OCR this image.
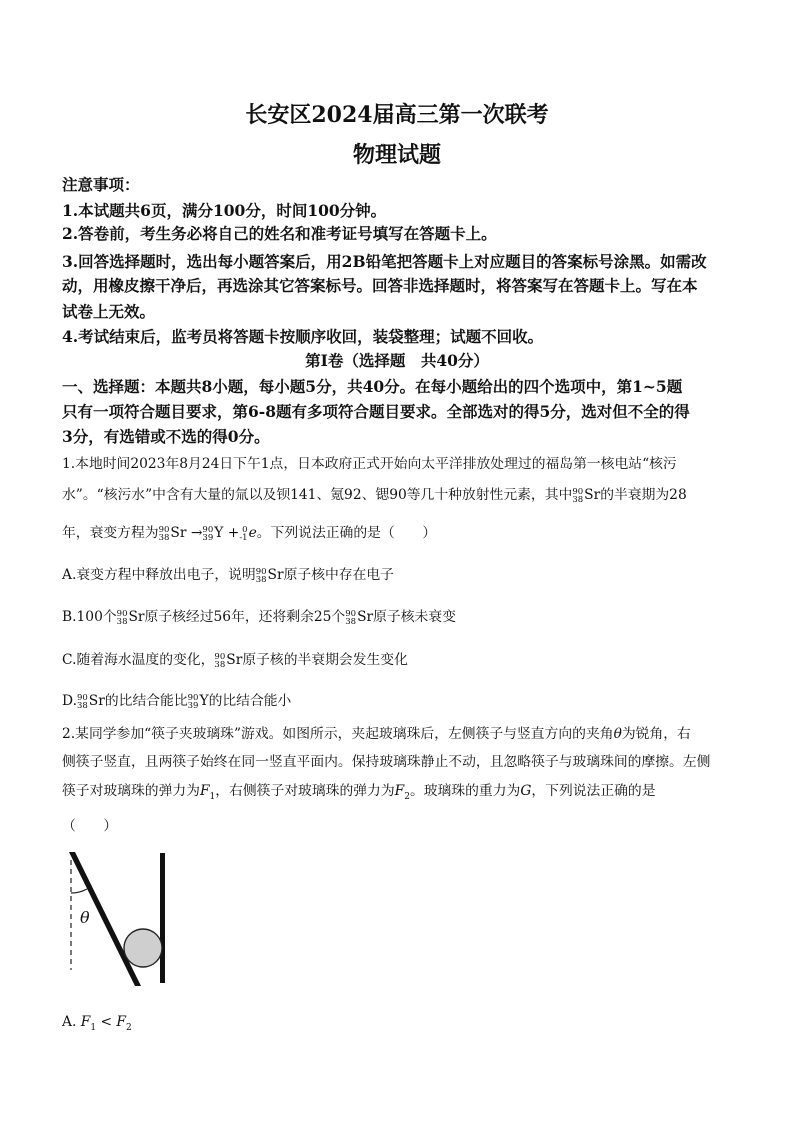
长安区2024届高三第一次联考
物理试题
注意事项：
1.本试题共6页，满分100分，时间100分钟。
2.答卷前，考生务必将自己的姓名和准考证号填写在答题卡上。
3.回答选择题时，选出每小题答案后，用2B铅笔把答题卡上对应题目的答案标号涂黑。如需改
动，用橡皮擦干净后，再选涂其它答案标号。回答非选择题时，将答案写在答题卡上。写在本
试卷上无效。
4.考试结束后，监考员将答题卡按顺序收回，装袋整理；试题不回收。
第Ⅰ卷（选择题　共40分）
一、选择题：本题共8小题，每小题5分，共40分。在每小题给出的四个选项中，第1~5题
只有一项符合题目要求，第6-8题有多项符合题目要求。全部选对的得5分，选对但不全的得
3分，有选错或不选的得0分。
1.本地时间2023年8月24日下午1点，日本政府正式开始向太平洋排放处理过的福岛第一核电站“核污
水”。“核污水”中含有大量的氚以及钡141、氪92、锶90等几十种放射性元素，其中 90
38 Sr的半衰期为28
年，衰变方程为 90
38 Sr → 90
39 Y + 0
-1 e。下列说法正确的是（　　）
A.衰变方程中释放出电子，说明 90
38 Sr原子核中存在电子
B.100个 90
38 Sr原子核经过56年，还将剩余25个 90
38 Sr原子核未衰变
C.随着海水温度的变化， 90
38 Sr原子核的半衰期会发生变化
D. 90
38 Sr的比结合能比 90
39 Y的比结合能小
2.某同学参加“筷子夹玻璃珠”游戏。如图所示，夹起玻璃珠后，左侧筷子与竖直方向的夹角θ为锐角，右
侧筷子竖直，且两筷子始终在同一竖直平面内。保持玻璃珠静止不动，且忽略筷子与玻璃珠间的摩擦。左侧
筷子对玻璃珠的弹力为$F_1$，右侧筷子对玻璃珠的弹力为$F_2$。玻璃珠的重力为G，下列说法正确的是
（　　）
θ
A. $F_1 < F_2$
